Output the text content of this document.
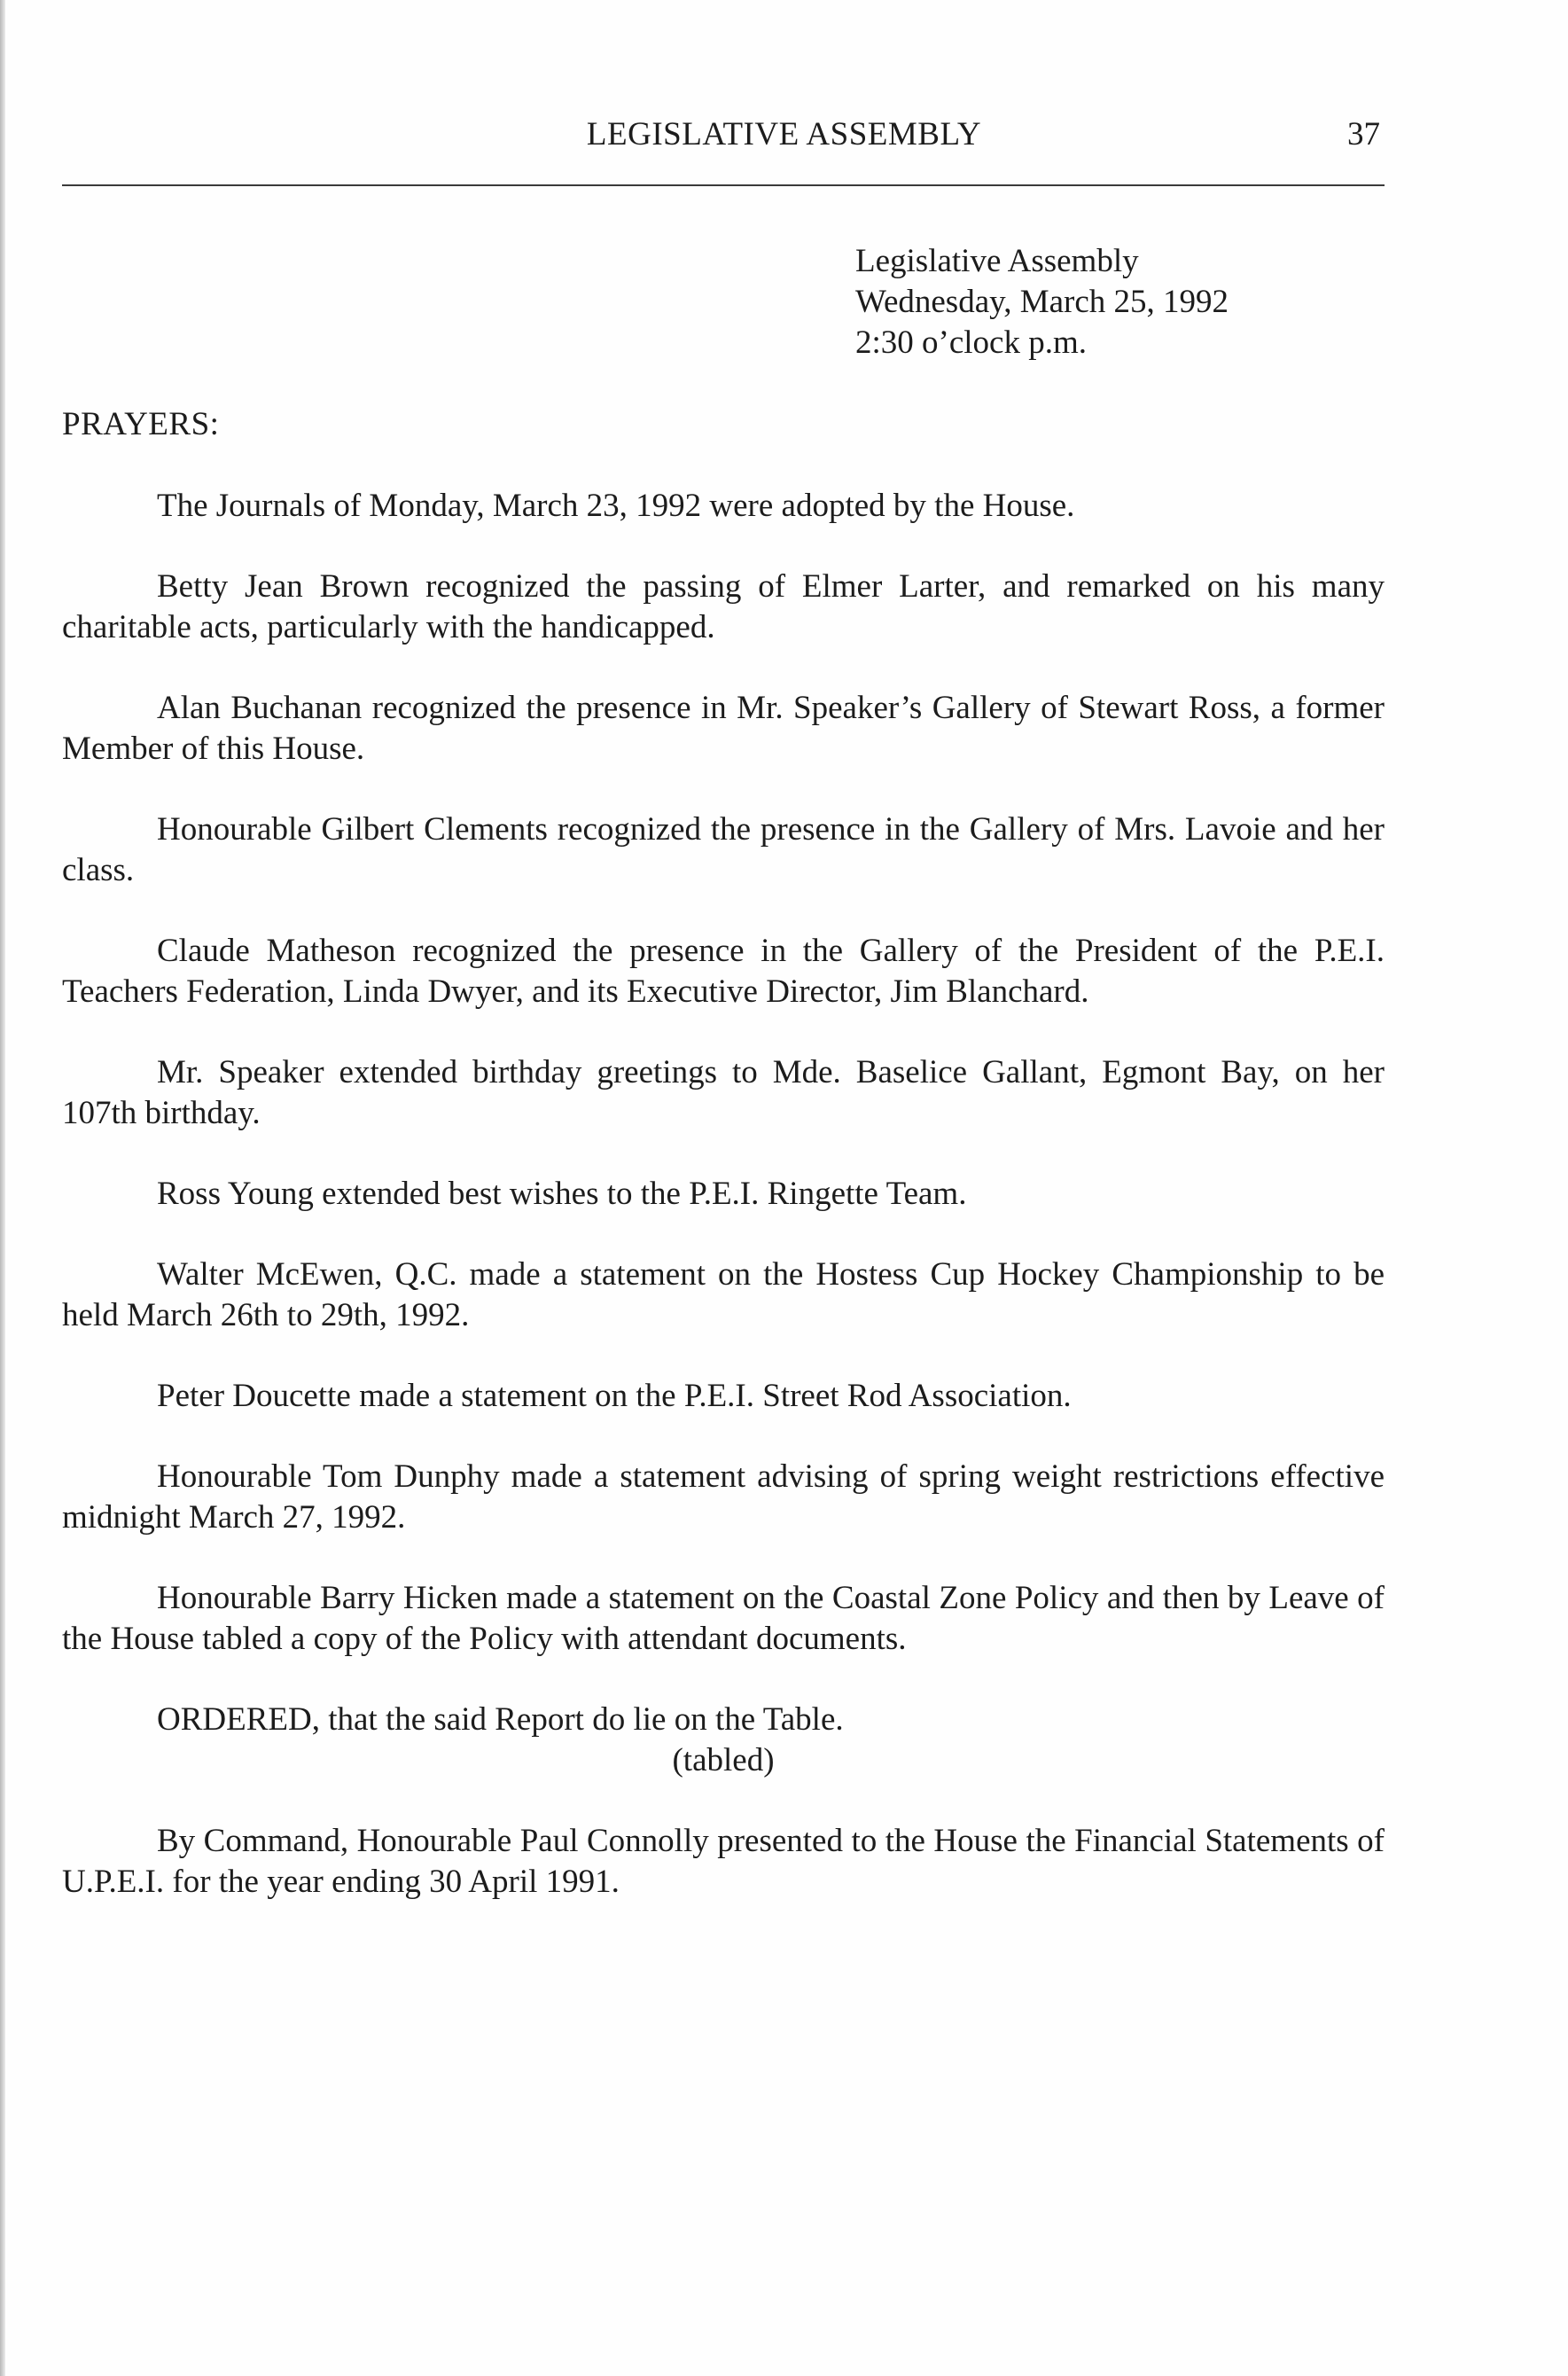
LEGISLATIVE ASSEMBLY	37
Legislative Assembly
Wednesday, March 25, 1992
2:30 o’clock p.m.
PRAYERS:

The Journals of Monday, March 23, 1992 were adopted by the House.

Betty Jean Brown recognized the passing of Elmer Larter, and remarked on his many charitable acts, particularly with the handicapped.

Alan Buchanan recognized the presence in Mr. Speaker’s Gallery of Stewart Ross, a former Member of this House.

Honourable Gilbert Clements recognized the presence in the Gallery of Mrs. Lavoie and her class.

Claude Matheson recognized the presence in the Gallery of the President of the P.E.I. Teachers Federation, Linda Dwyer, and its Executive Director, Jim Blanchard.

Mr. Speaker extended birthday greetings to Mde. Baselice Gallant, Egmont Bay, on her 107th birthday.

Ross Young extended best wishes to the P.E.I. Ringette Team.

Walter McEwen, Q.C. made a statement on the Hostess Cup Hockey Championship to be held March 26th to 29th, 1992.

Peter Doucette made a statement on the P.E.I. Street Rod Association.

Honourable Tom Dunphy made a statement advising of spring weight restrictions effective midnight March 27, 1992.

Honourable Barry Hicken made a statement on the Coastal Zone Policy and then by Leave of the House tabled a copy of the Policy with attendant documents.

ORDERED, that the said Report do lie on the Table.

(tabled)

By Command, Honourable Paul Connolly presented to the House the Financial Statements of U.P.E.I. for the year ending 30 April 1991.
